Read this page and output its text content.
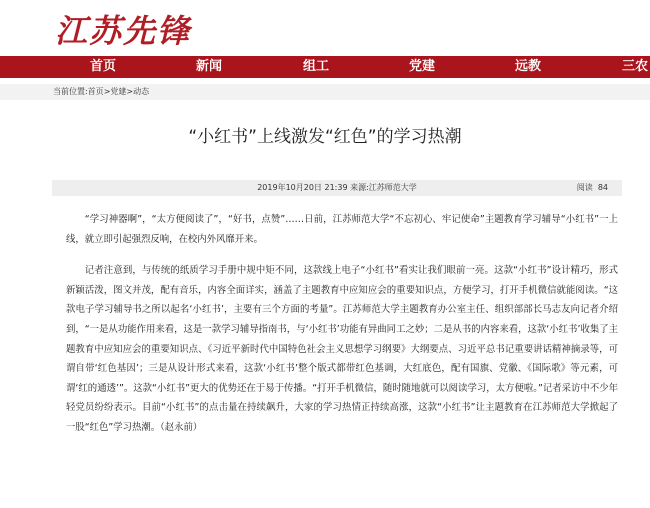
江苏先锋
首页	新闻	组工	党建	远教	三农
当前位置:首页>党建>动态
“小红书”上线激发“红色”的学习热潮
2019年10月20日 21:39 来源:江苏师范大学	阅读 84

“学习神器啊”，“太方便阅读了”，“好书，点赞”……日前，江苏师范大学“不忘初心、牢记使命”主题教育学习辅导“小红书”一上线，就立即引起强烈反响，在校内外风靡开来。

记者注意到，与传统的纸质学习手册中规中矩不同，这款线上电子“小红书”看实让我们眼前一亮。这款“小红书”设计精巧，形式新颖活泼，图文并茂，配有音乐，内容全面详实，涵盖了主题教育中应知应会的重要知识点，方便学习，打开手机微信就能阅读。“这款电子学习辅导书之所以起名‘小红书’，主要有三个方面的考量”。江苏师范大学主题教育办公室主任、组织部部长马志友向记者介绍到，“一是从功能作用来看，这是一款学习辅导指南书，与‘小红书’功能有异曲同工之妙；二是从书的内容来看，这款‘小红书’收集了主题教育中应知应会的重要知识点、《习近平新时代中国特色社会主义思想学习纲要》大纲要点、习近平总书记重要讲话精神摘录等，可谓自带‘红色基因’；三是从设计形式来看，这款‘小红书’整个版式都带红色基调，大红底色，配有国旗、党徽、《国际歌》等元素，可谓‘红的通透’”。这款“小红书”更大的优势还在于易于传播。“打开手机微信，随时随地就可以阅读学习，太方便啦。”记者采访中不少年轻党员纷纷表示。目前“小红书”的点击量在持续飙升，大家的学习热情正持续高涨，这款“小红书”让主题教育在江苏师范大学掀起了一股“红色”学习热潮。（赵永前）
